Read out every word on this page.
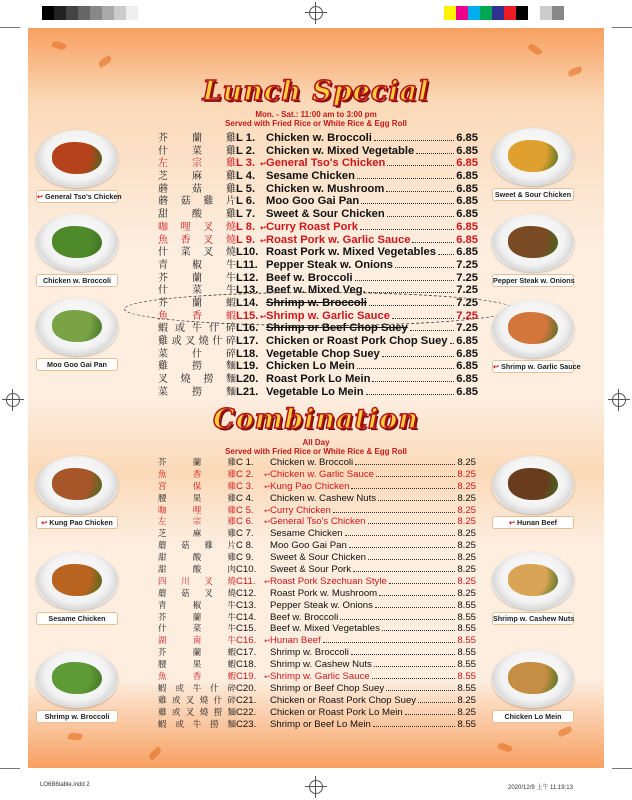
Lunch Special
Mon. - Sat.: 11:00 am to 3:00 pm
Served with Fried Rice or White Rice & Egg Roll
芥蘭雞 L 1. Chicken w. Broccoli	6.85
什菜雞 L 2. Chicken w. Mixed Vegetable	6.85
左宗雞 L 3. ↩ General Tso's Chicken	6.85
芝麻雞 L 4. Sesame Chicken	6.85
蘑菇雞 L 5. Chicken w. Mushroom	6.85
蘑菇雞片 L 6. Moo Goo Gai Pan	6.85
甜酸雞 L 7. Sweet & Sour Chicken	6.85
咖哩叉燒 L 8. ↩ Curry Roast Pork	6.85
魚香叉燒 L 9. ↩ Roast Pork w. Garlic Sauce	6.85
什菜叉燒 L10. Roast Pork w. Mixed Vegetables 6.85
青椒牛 L11. Pepper Steak w. Onions	7.25
芥蘭牛 L12. Beef w. Broccoli	7.25
什菜牛 L13. Beef w. Mixed Veg.	7.25
芥蘭蝦 L14. Shrimp w. Broccoli	7.25
魚香蝦 L15. ↩ Shrimp w. Garlic Sauce	7.25
蝦或牛什碎 L16. Shrimp or Beef Chop Suey	7.25
雞或叉燒什碎 L17. Chicken or Roast Pork Chop Suey 6.85
菜什碎 L18. Vegetable Chop Suey	6.85
雞撈麵 L19. Chicken Lo Mein	6.85
叉燒撈麵 L20. Roast Pork Lo Mein	6.85
菜撈麵 L21. Vegetable Lo Mein	6.85
Combination
All Day
Served with Fried Rice or White Rice & Egg Roll
芥蘭雞 C 1.	Chicken w. Broccoli	8.25
魚香雞 C 2.	↩ Chicken w. Garlic Sauce	8.25
宮保雞 C 3.	↩ Kung Pao Chicken	8.25
腰果雞 C 4.	Chicken w. Cashew Nuts	8.25
咖哩雞 C 5.	↩ Curry Chicken	8.25
左宗雞 C 6.	↩ General Tso's Chicken	8.25
芝麻雞 C 7.	Sesame Chicken	8.25
蘑菇雞片 C 8.	Moo Goo Gai Pan	8.25
甜酸雞 C 9.	Sweet & Sour Chicken	8.25
甜酸肉 C10.	Sweet & Sour Pork	8.25
四川叉燒 C11.	↩ Roast Pork Szechuan Style	8.25
蘑菇叉燒 C12.	Roast Pork w. Mushroom	8.25
青椒牛 C13.	Pepper Steak w. Onions	8.55
芥蘭牛 C14.	Beef w. Broccoli	8.55
什菜牛 C15.	Beef w. Mixed Vegetables	8.55
湖南牛 C16.	↩ Hunan Beef	8.55
芥蘭蝦 C17.	Shrimp w. Broccoli	8.55
腰果蝦 C18.	Shrimp w. Cashew Nuts	8.55
魚香蝦 C19.	↩ Shrimp w. Garlic Sauce	8.55
蝦或牛什碎 C20.	Shrimp or Beef Chop Suey	8.55
雞或叉燒什碎 C21.	Chicken or Roast Pork Chop Suey	8.25
雞或叉燒撈麵 C22.	Chicken or Roast Pork Lo Mein	8.25
蝦或牛撈麵 C23.	Shrimp or Beef Lo Mein	8.55
↩ General Tso's Chicken
Chicken w. Broccoli
Moo Goo Gai Pan
Sweet & Sour Chicken
Pepper Steak w. Onions
↩ Shrimp w. Garlic Sauce
↩ Kung Pao Chicken
Sesame Chicken
Shrimp w. Broccoli
↩ Hunan Beef
Shrimp w. Cashew Nuts
Chicken Lo Mein
LO6B6table.indd 2	2020/12/9 上午 11:19:13
